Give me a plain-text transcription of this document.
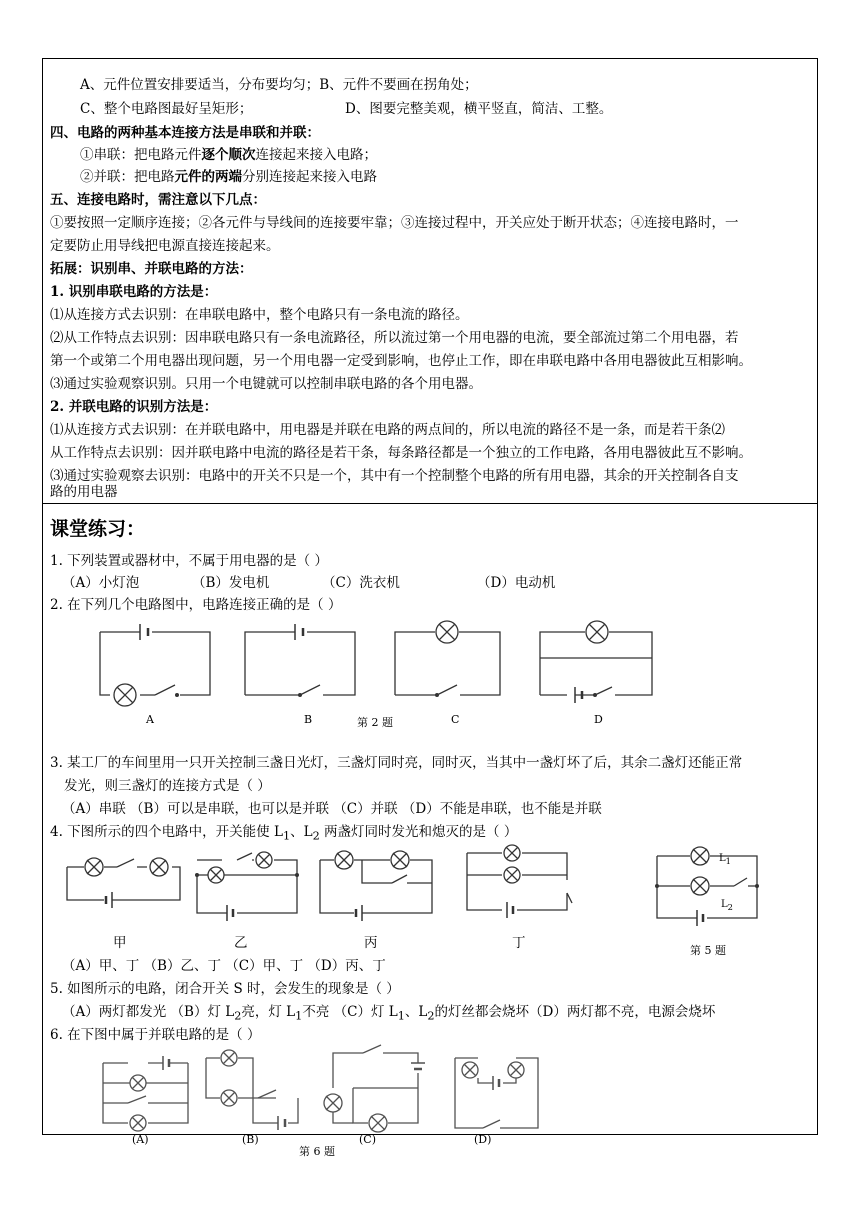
A、元件位置安排要适当，分布要均匀；B、元件不要画在拐角处；
C、整个电路图最好呈矩形；	D、图要完整美观，横平竖直，简洁、工整。
四、电路的两种基本连接方法是串联和并联：
①串联：把电路元件逐个顺次连接起来接入电路；
②并联：把电路元件的两端分别连接起来接入电路
五、连接电路时，需注意以下几点：
①要按照一定顺序连接；②各元件与导线间的连接要牢靠；③连接过程中，开关应处于断开状态；④连接电路时，一
定要防止用导线把电源直接连接起来。
拓展：识别串、并联电路的方法：
1. 识别串联电路的方法是：
⑴从连接方式去识别：在串联电路中，整个电路只有一条电流的路径。
⑵从工作特点去识别：因串联电路只有一条电流路径，所以流过第一个用电器的电流，要全部流过第二个用电器，若
第一个或第二个用电器出现问题，另一个用电器一定受到影响，也停止工作，即在串联电路中各用电器彼此互相影响。
⑶通过实验观察识别。只用一个电键就可以控制串联电路的各个用电器。
2. 并联电路的识别方法是：
⑴从连接方式去识别：在并联电路中，用电器是并联在电路的两点间的，所以电流的路径不是一条，而是若干条⑵
从工作特点去识别：因并联电路中电流的路径是若干条，每条路径都是一个独立的工作电路，各用电器彼此互不影响。
⑶通过实验观察去识别：电路中的开关不只是一个，其中有一个控制整个电路的所有用电器，其余的开关控制各自支
路的用电器
课堂练习：
1. 下列装置或器材中，不属于用电器的是（ ）
（A）小灯泡	（B）发电机	（C）洗衣机	（D）电动机
2. 在下列几个电路图中，电路连接正确的是（ ）
A	B	第 2 题	C	D
3. 某工厂的车间里用一只开关控制三盏日光灯，三盏灯同时亮，同时灭，当其中一盏灯坏了后，其余二盏灯还能正常
发光，则三盏灯的连接方式是（ ）
（A）串联 （B）可以是串联，也可以是并联 （C）并联 （D）不能是串联，也不能是并联
4. 下图所示的四个电路中，开关能使 $L_1$、$L_2$ 两盏灯同时发光和熄灭的是（ ）
$L_1$
$L_2$
第 5 题
甲	乙	丙	丁
（A）甲、丁 （B）乙、丁 （C）甲、丁 （D）丙、丁
5. 如图所示的电路，闭合开关 S 时，会发生的现象是（ ）
（A）两灯都发光 （B）灯 $L_2$亮，灯 $L_1$不亮 （C）灯 $L_1$、$L_2$的灯丝都会烧坏（D）两灯都不亮，电源会烧坏
6. 在下图中属于并联电路的是（ ）
(A)	(B)	(C)	(D)
第 6 题
